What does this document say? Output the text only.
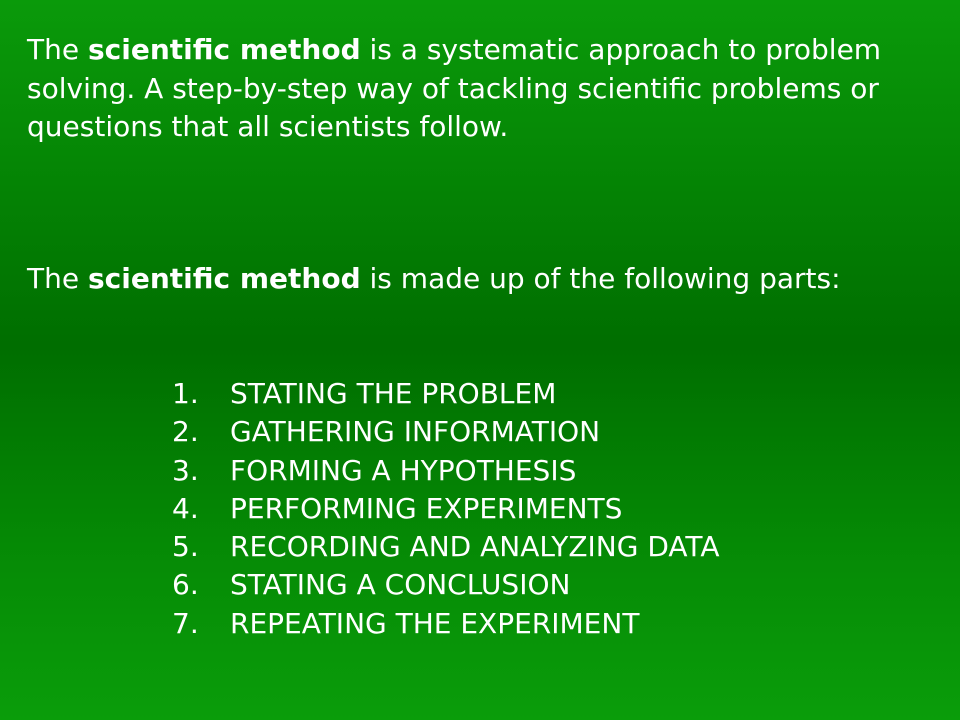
The scientific method is a systematic approach to problem solving. A step-by-step way of tackling scientific problems or questions that all scientists follow.

The scientific method is made up of the following parts:

1.	STATING THE PROBLEM
2.	GATHERING INFORMATION
3.	FORMING A HYPOTHESIS
4.	PERFORMING EXPERIMENTS
5.	RECORDING AND ANALYZING DATA
6.	STATING A CONCLUSION
7.	REPEATING THE EXPERIMENT
